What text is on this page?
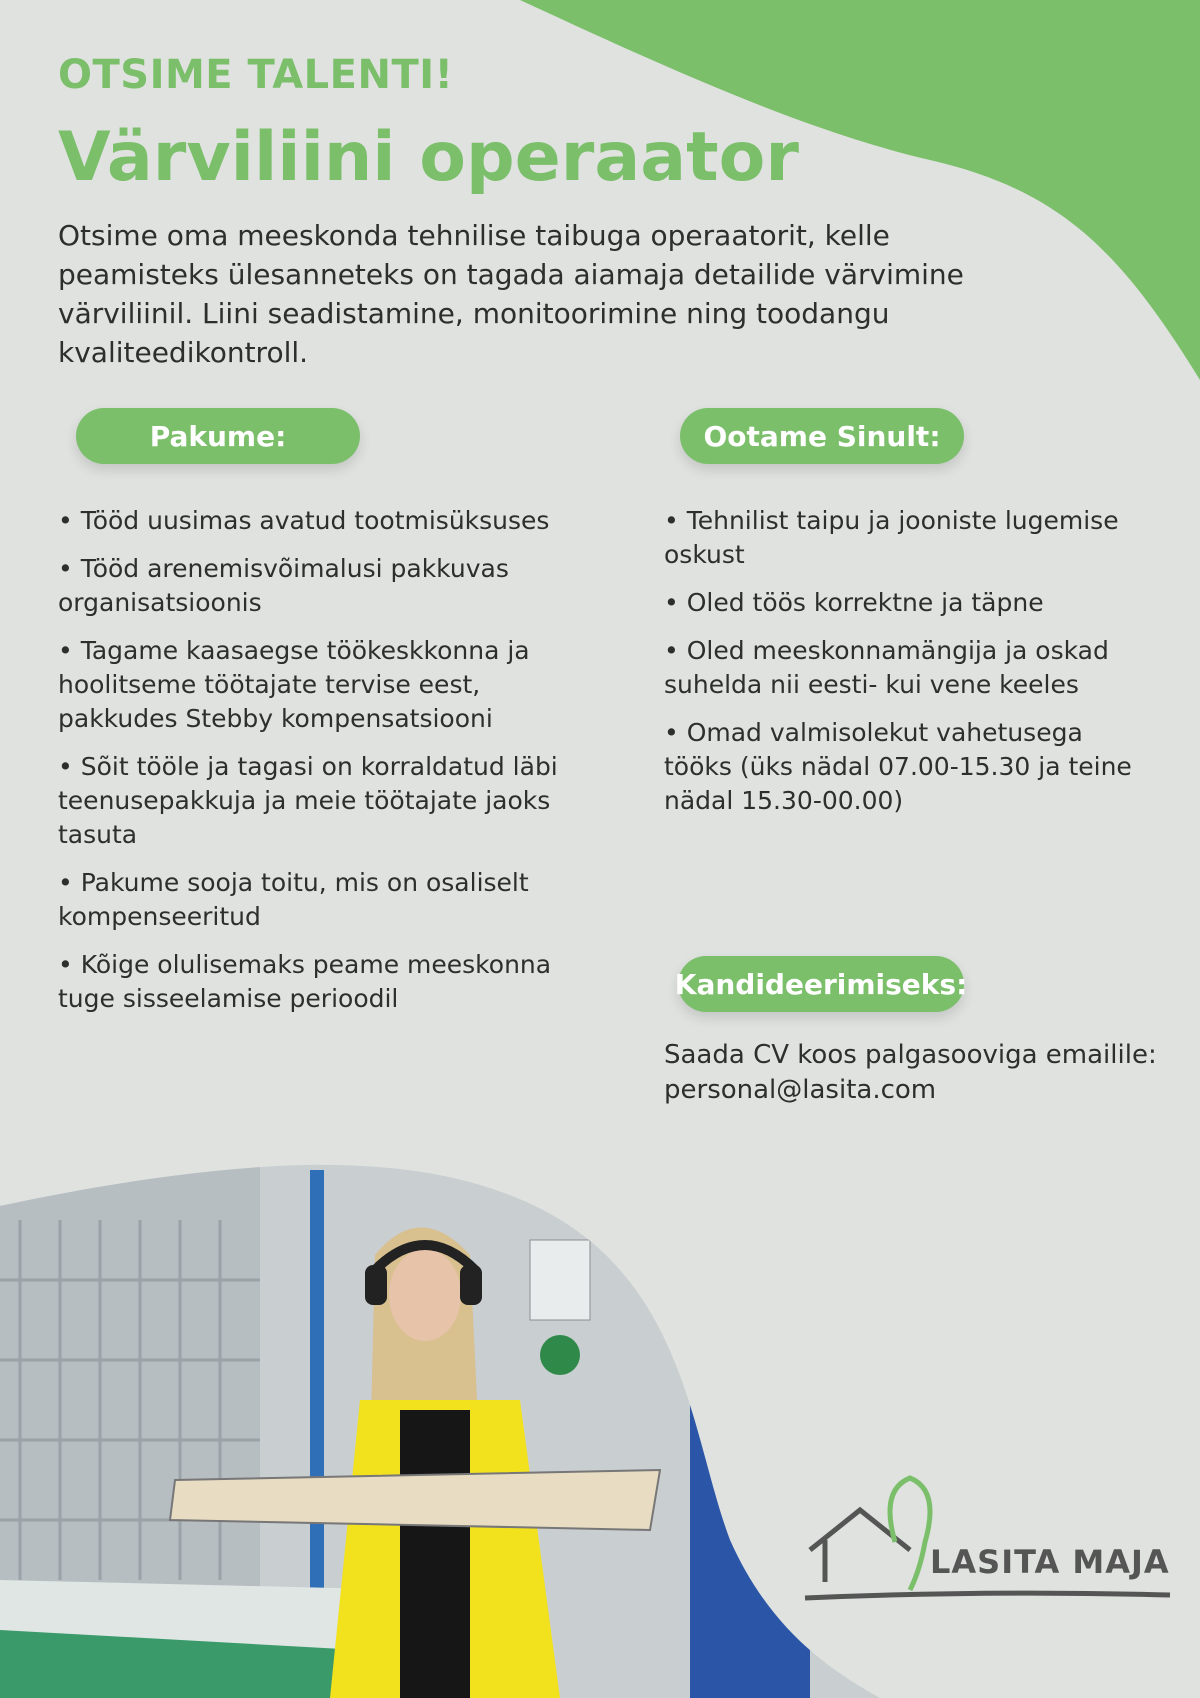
OTSIME TALENTI!
Värviliini operaator

Otsime oma meeskonda tehnilise taibuga operaatorit, kelle peamisteks ülesanneteks on tagada aiamaja detailide värvimine värviliinil. Liini seadistamine, monitoorimine ning toodangu kvaliteedikontroll.

Pakume:	Ootame Sinult:
• Tööd uusimas avatud tootmisüksuses
• Tööd arenemisvõimalusi pakkuvas organisatsioonis
• Tagame kaasaegse töökeskkonna ja hoolitseme töötajate tervise eest, pakkudes Stebby kompensatsiooni
• Sõit tööle ja tagasi on korraldatud läbi teenusepakkuja ja meie töötajate jaoks tasuta
• Pakume sooja toitu, mis on osaliselt kompenseeritud
• Kõige olulisemaks peame meeskonna tuge sisseelamise perioodil
• Tehnilist taipu ja jooniste lugemise oskust
• Oled töös korrektne ja täpne
• Oled meeskonnamängija ja oskad suhelda nii eesti- kui vene keeles
• Omad valmisolekut vahetusega tööks (üks nädal 07.00-15.30 ja teine nädal 15.30-00.00)
Kandideerimiseks:

Saada CV koos palgasooviga emailile: personal@lasita.com

LASITA MAJA
